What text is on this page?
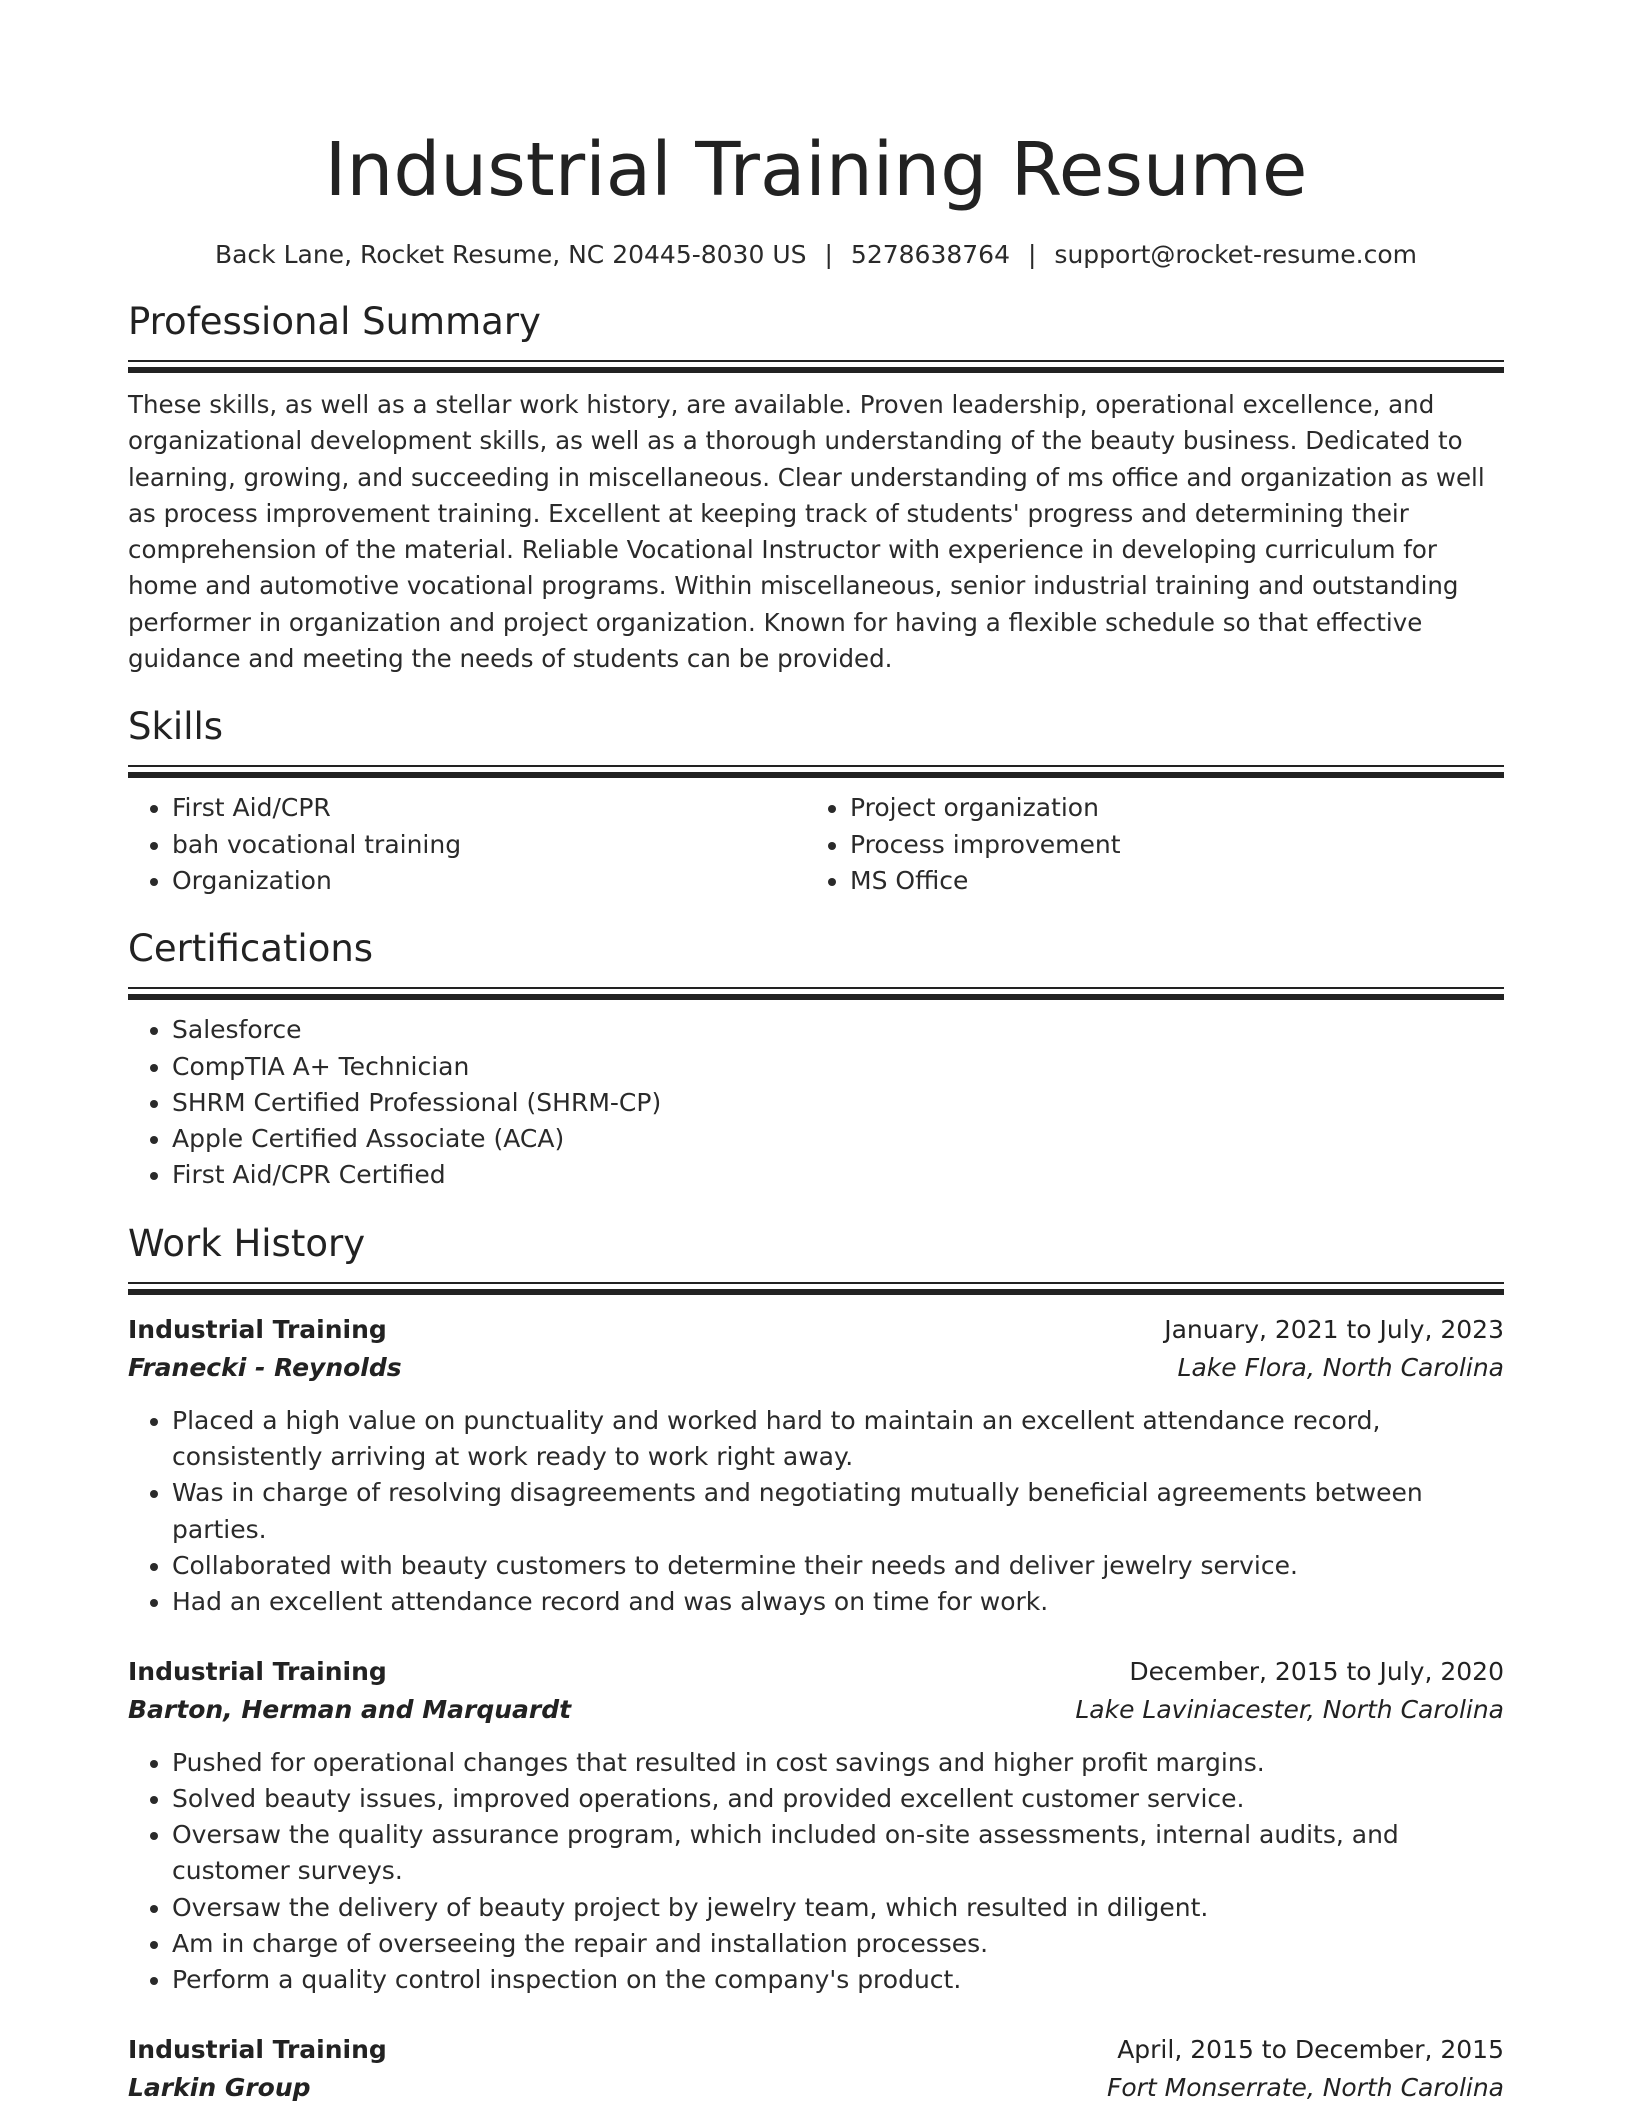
Industrial Training Resume
Back Lane, Rocket Resume, NC 20445-8030 US | 5278638764 | support@rocket-resume.com
Professional Summary

These skills, as well as a stellar work history, are available. Proven leadership, operational excellence, and organizational development skills, as well as a thorough understanding of the beauty business. Dedicated to learning, growing, and succeeding in miscellaneous. Clear understanding of ms office and organization as well as process improvement training. Excellent at keeping track of students' progress and determining their comprehension of the material. Reliable Vocational Instructor with experience in developing curriculum for home and automotive vocational programs. Within miscellaneous, senior industrial training and outstanding performer in organization and project organization. Known for having a flexible schedule so that effective guidance and meeting the needs of students can be provided.

Skills
• First Aid/CPR
• bah vocational training
• Organization
• Project organization
• Process improvement
• MS Office
Certifications
• Salesforce
• CompTIA A+ Technician
• SHRM Certified Professional (SHRM-CP)
• Apple Certified Associate (ACA)
• First Aid/CPR Certified
Work History
Industrial Training	January, 2021 to July, 2023
Franecki - Reynolds	Lake Flora, North Carolina
• Placed a high value on punctuality and worked hard to maintain an excellent attendance record, consistently arriving at work ready to work right away.
• Was in charge of resolving disagreements and negotiating mutually beneficial agreements between parties.
• Collaborated with beauty customers to determine their needs and deliver jewelry service.
• Had an excellent attendance record and was always on time for work.
Industrial Training	December, 2015 to July, 2020
Barton, Herman and Marquardt	Lake Laviniacester, North Carolina
• Pushed for operational changes that resulted in cost savings and higher profit margins.
• Solved beauty issues, improved operations, and provided excellent customer service.
• Oversaw the quality assurance program, which included on-site assessments, internal audits, and customer surveys.
• Oversaw the delivery of beauty project by jewelry team, which resulted in diligent.
• Am in charge of overseeing the repair and installation processes.
• Perform a quality control inspection on the company's product.
Industrial Training	April, 2015 to December, 2015
Larkin Group	Fort Monserrate, North Carolina
